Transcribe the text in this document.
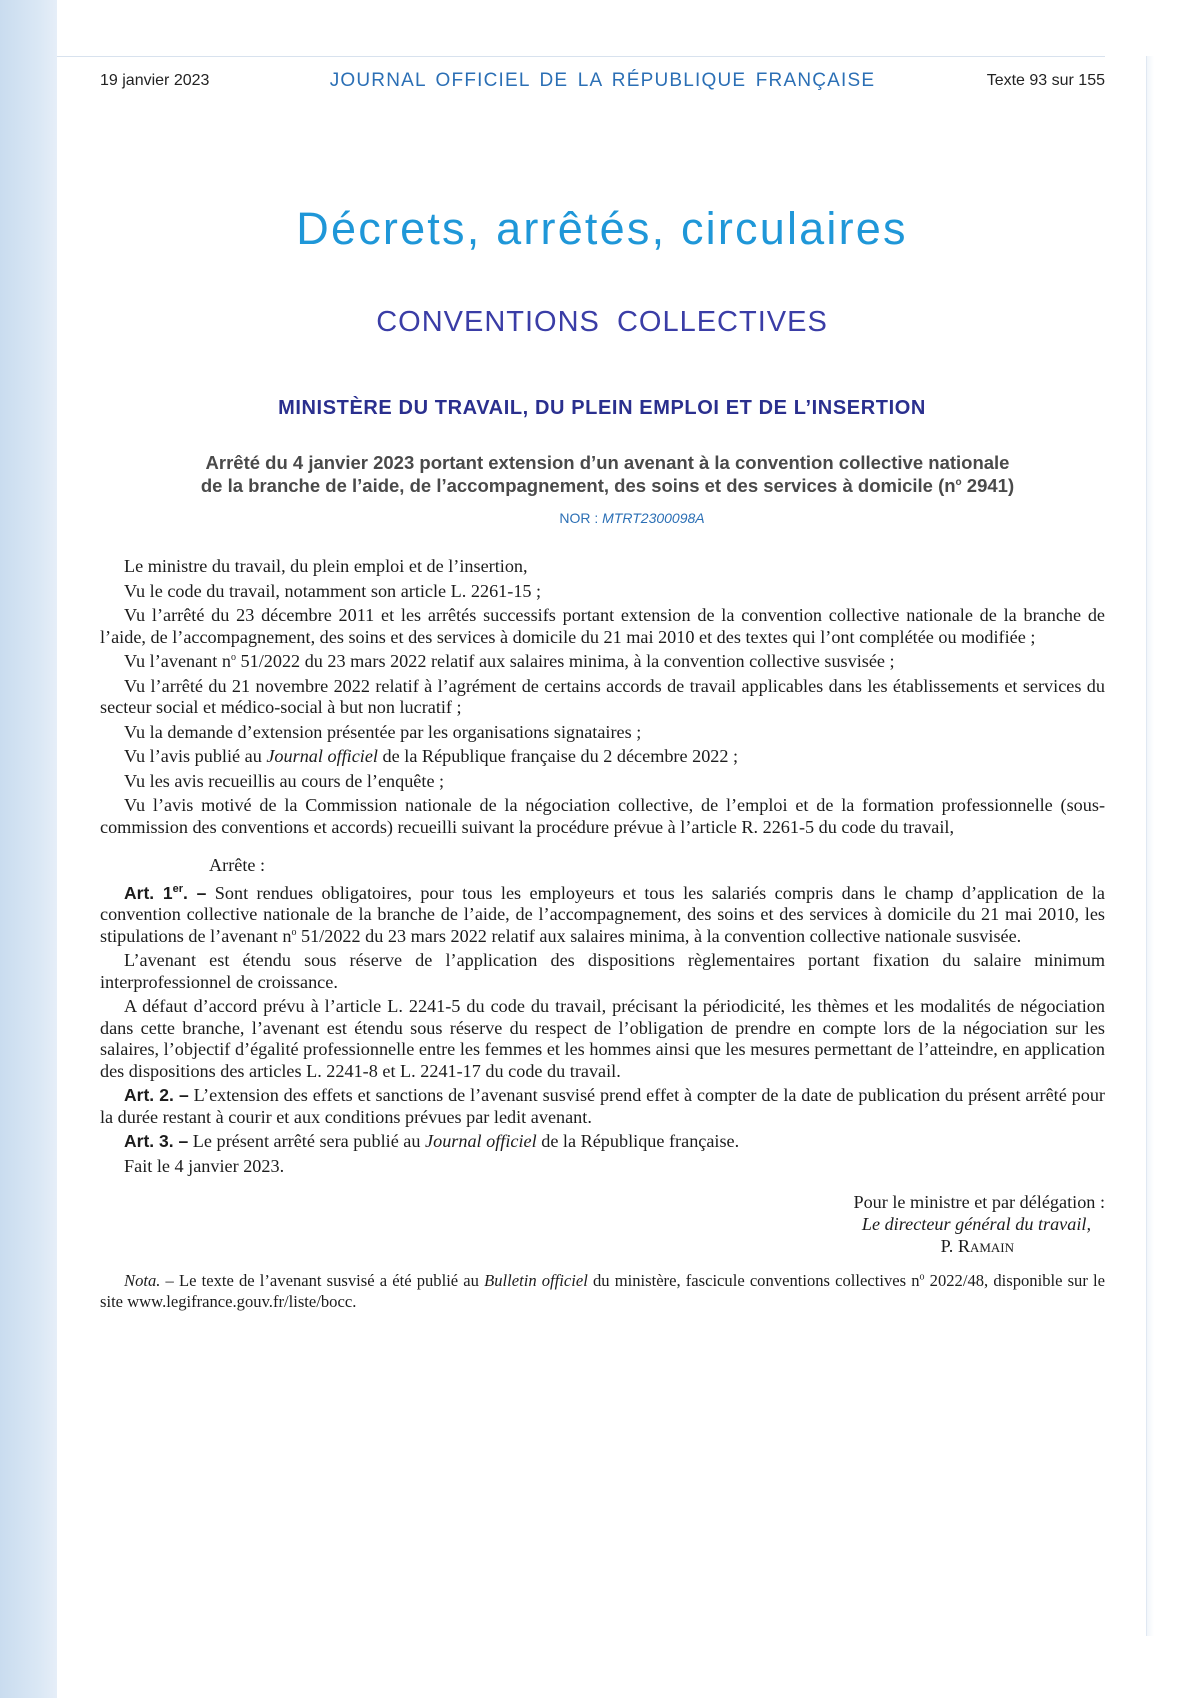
19 janvier 2023	JOURNAL OFFICIEL DE LA RÉPUBLIQUE FRANÇAISE	Texte 93 sur 155
Décrets, arrêtés, circulaires
CONVENTIONS COLLECTIVES
MINISTÈRE DU TRAVAIL, DU PLEIN EMPLOI ET DE L’INSERTION
Arrêté du 4 janvier 2023 portant extension d’un avenant à la convention collective nationale
de la branche de l’aide, de l’accompagnement, des soins et des services à domicile ($n^o$ 2941)
NOR : MTRT2300098A

Le ministre du travail, du plein emploi et de l’insertion,

Vu le code du travail, notamment son article L. 2261-15 ;

Vu l’arrêté du 23 décembre 2011 et les arrêtés successifs portant extension de la convention collective nationale de la branche de l’aide, de l’accompagnement, des soins et des services à domicile du 21 mai 2010 et des textes qui l’ont complétée ou modifiée ;

Vu l’avenant $n^o$ 51/2022 du 23 mars 2022 relatif aux salaires minima, à la convention collective susvisée ;

Vu l’arrêté du 21 novembre 2022 relatif à l’agrément de certains accords de travail applicables dans les établissements et services du secteur social et médico-social à but non lucratif ;

Vu la demande d’extension présentée par les organisations signataires ;

Vu l’avis publié au Journal officiel de la République française du 2 décembre 2022 ;

Vu les avis recueillis au cours de l’enquête ;

Vu l’avis motivé de la Commission nationale de la négociation collective, de l’emploi et de la formation professionnelle (sous-commission des conventions et accords) recueilli suivant la procédure prévue à l’article R. 2261-5 du code du travail,

Arrête :

Art. 1er. – Sont rendues obligatoires, pour tous les employeurs et tous les salariés compris dans le champ d’application de la convention collective nationale de la branche de l’aide, de l’accompagnement, des soins et des services à domicile du 21 mai 2010, les stipulations de l’avenant $n^o$ 51/2022 du 23 mars 2022 relatif aux salaires minima, à la convention collective nationale susvisée.

L’avenant est étendu sous réserve de l’application des dispositions règlementaires portant fixation du salaire minimum interprofessionnel de croissance.

A défaut d’accord prévu à l’article L. 2241-5 du code du travail, précisant la périodicité, les thèmes et les modalités de négociation dans cette branche, l’avenant est étendu sous réserve du respect de l’obligation de prendre en compte lors de la négociation sur les salaires, l’objectif d’égalité professionnelle entre les femmes et les hommes ainsi que les mesures permettant de l’atteindre, en application des dispositions des articles L. 2241-8 et L. 2241-17 du code du travail.

Art. 2. – L’extension des effets et sanctions de l’avenant susvisé prend effet à compter de la date de publication du présent arrêté pour la durée restant à courir et aux conditions prévues par ledit avenant.

Art. 3. – Le présent arrêté sera publié au Journal officiel de la République française.

Fait le 4 janvier 2023.

Pour le ministre et par délégation :
Le directeur général du travail,
P. Ramain
Nota. – Le texte de l’avenant susvisé a été publié au Bulletin officiel du ministère, fascicule conventions collectives $n^o$ 2022/48, disponible sur le site www.legifrance.gouv.fr/liste/bocc.
